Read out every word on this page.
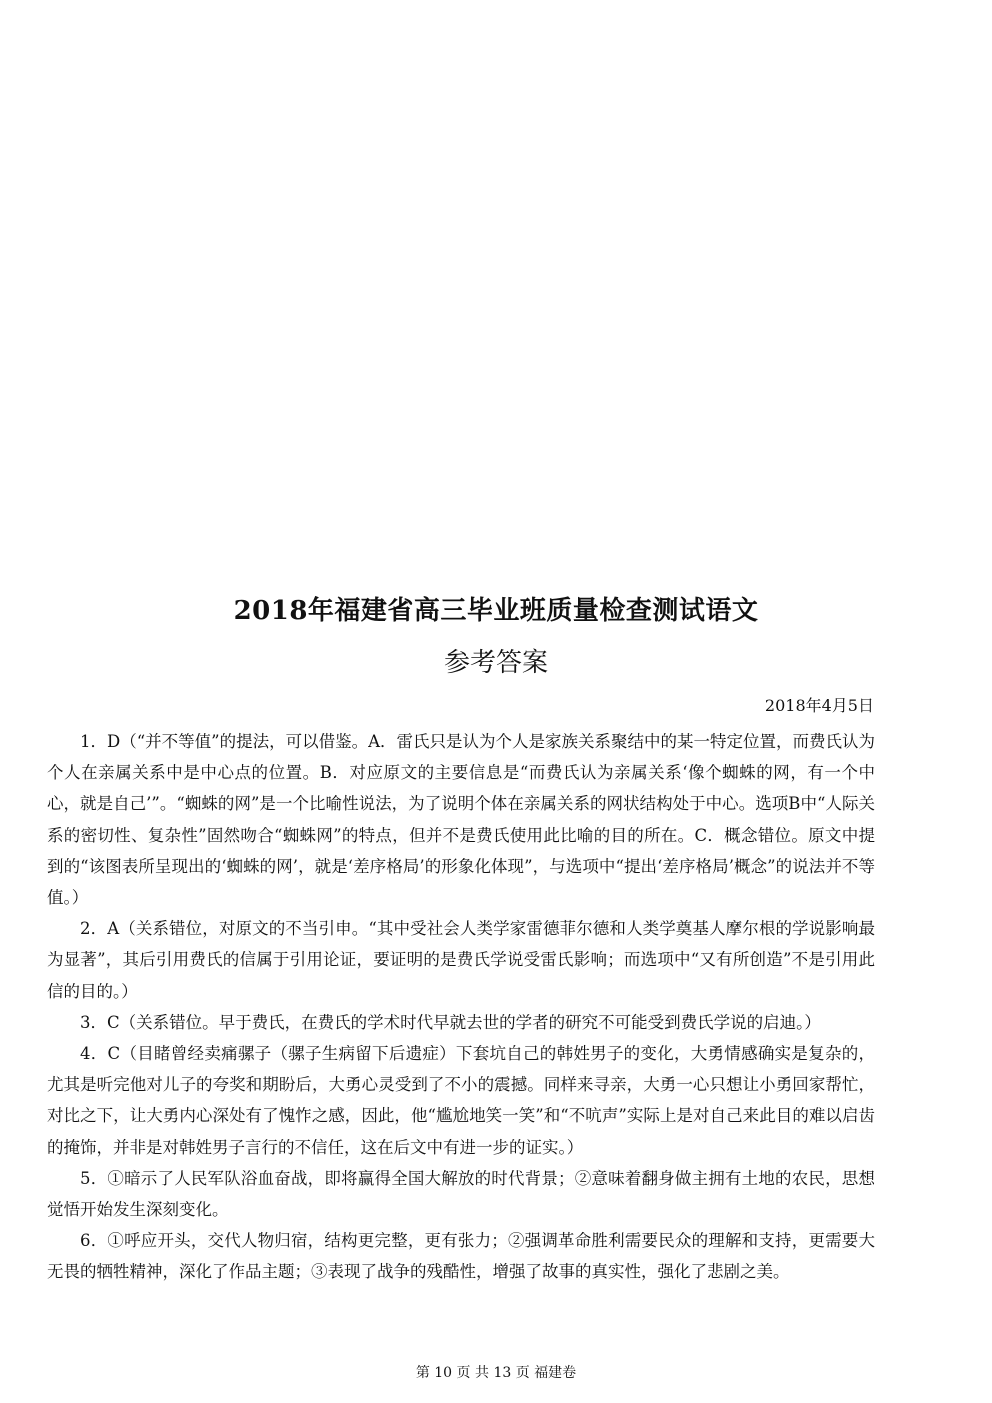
2018年福建省高三毕业班质量检查测试语文
参考答案
2018年4月5日

1．D（“并不等值”的提法，可以借鉴。A．雷氏只是认为个人是家族关系聚结中的某一特定位置，而费氏认为个人在亲属关系中是中心点的位置。B．对应原文的主要信息是“而费氏认为亲属关系‘像个蜘蛛的网，有一个中心，就是自己’”。“蜘蛛的网”是一个比喻性说法，为了说明个体在亲属关系的网状结构处于中心。选项B中“人际关系的密切性、复杂性”固然吻合“蜘蛛网”的特点，但并不是费氏使用此比喻的目的所在。C．概念错位。原文中提到的“该图表所呈现出的‘蜘蛛的网’，就是‘差序格局’的形象化体现”，与选项中“提出‘差序格局’概念”的说法并不等值。）

2．A（关系错位，对原文的不当引申。“其中受社会人类学家雷德菲尔德和人类学奠基人摩尔根的学说影响最为显著”，其后引用费氏的信属于引用论证，要证明的是费氏学说受雷氏影响；而选项中“又有所创造”不是引用此信的目的。）

3．C（关系错位。早于费氏，在费氏的学术时代早就去世的学者的研究不可能受到费氏学说的启迪。）

4．C（目睹曾经卖痛骡子（骡子生病留下后遗症）下套坑自己的韩姓男子的变化，大勇情感确实是复杂的，尤其是听完他对儿子的夸奖和期盼后，大勇心灵受到了不小的震撼。同样来寻亲，大勇一心只想让小勇回家帮忙，对比之下，让大勇内心深处有了愧怍之感，因此，他“尴尬地笑一笑”和“不吭声”实际上是对自己来此目的难以启齿的掩饰，并非是对韩姓男子言行的不信任，这在后文中有进一步的证实。）

5．①暗示了人民军队浴血奋战，即将赢得全国大解放的时代背景；②意味着翻身做主拥有土地的农民，思想觉悟开始发生深刻变化。

6．①呼应开头，交代人物归宿，结构更完整，更有张力；②强调革命胜利需要民众的理解和支持，更需要大无畏的牺牲精神，深化了作品主题；③表现了战争的残酷性，增强了故事的真实性，强化了悲剧之美。

第 10 页 共 13 页 福建卷
